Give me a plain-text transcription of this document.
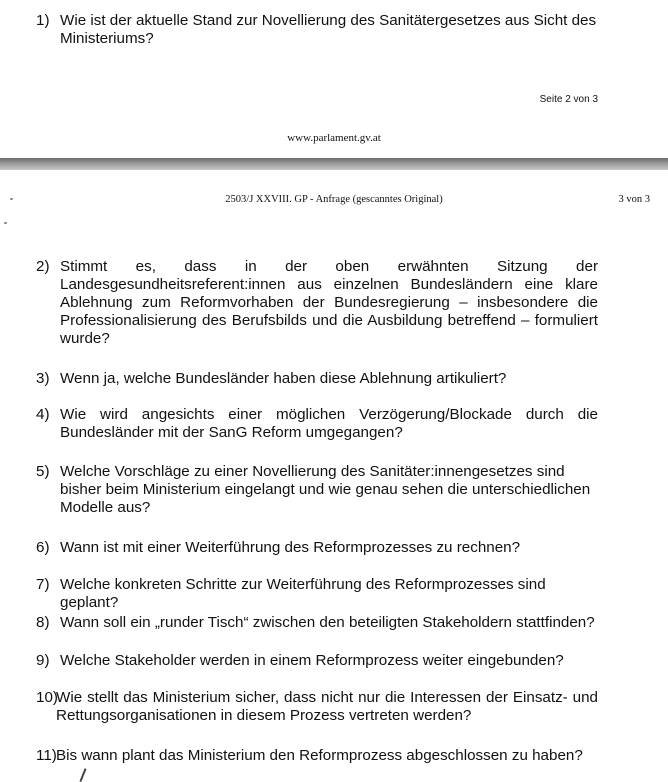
1) Wie ist der aktuelle Stand zur Novellierung des Sanitätergesetzes aus Sicht des Ministeriums?
Seite 2 von 3
www.parlament.gv.at
2503/J XXVIII. GP - Anfrage (gescanntes Original)	3 von 3
2) Stimmt es, dass in der oben erwähnten Sitzung der Landesgesundheitsreferent:innen aus einzelnen Bundesländern eine klare Ablehnung zum Reformvorhaben der Bundesregierung – insbesondere die Professionalisierung des Berufsbilds und die Ausbildung betreffend – formuliert wurde?
3) Wenn ja, welche Bundesländer haben diese Ablehnung artikuliert?
4) Wie wird angesichts einer möglichen Verzögerung/Blockade durch die Bundesländer mit der SanG Reform umgegangen?
5) Welche Vorschläge zu einer Novellierung des Sanitäter:innengesetzes sind bisher beim Ministerium eingelangt und wie genau sehen die unterschiedlichen Modelle aus?
6) Wann ist mit einer Weiterführung des Reformprozesses zu rechnen?
7) Welche konkreten Schritte zur Weiterführung des Reformprozesses sind geplant?
8) Wann soll ein „runder Tisch“ zwischen den beteiligten Stakeholdern stattfinden?
9) Welche Stakeholder werden in einem Reformprozess weiter eingebunden?
10)
Wie stellt das Ministerium sicher, dass nicht nur die Interessen der Einsatz- und Rettungsorganisationen in diesem Prozess vertreten werden?
11) Bis wann plant das Ministerium den Reformprozess abgeschlossen zu haben?
